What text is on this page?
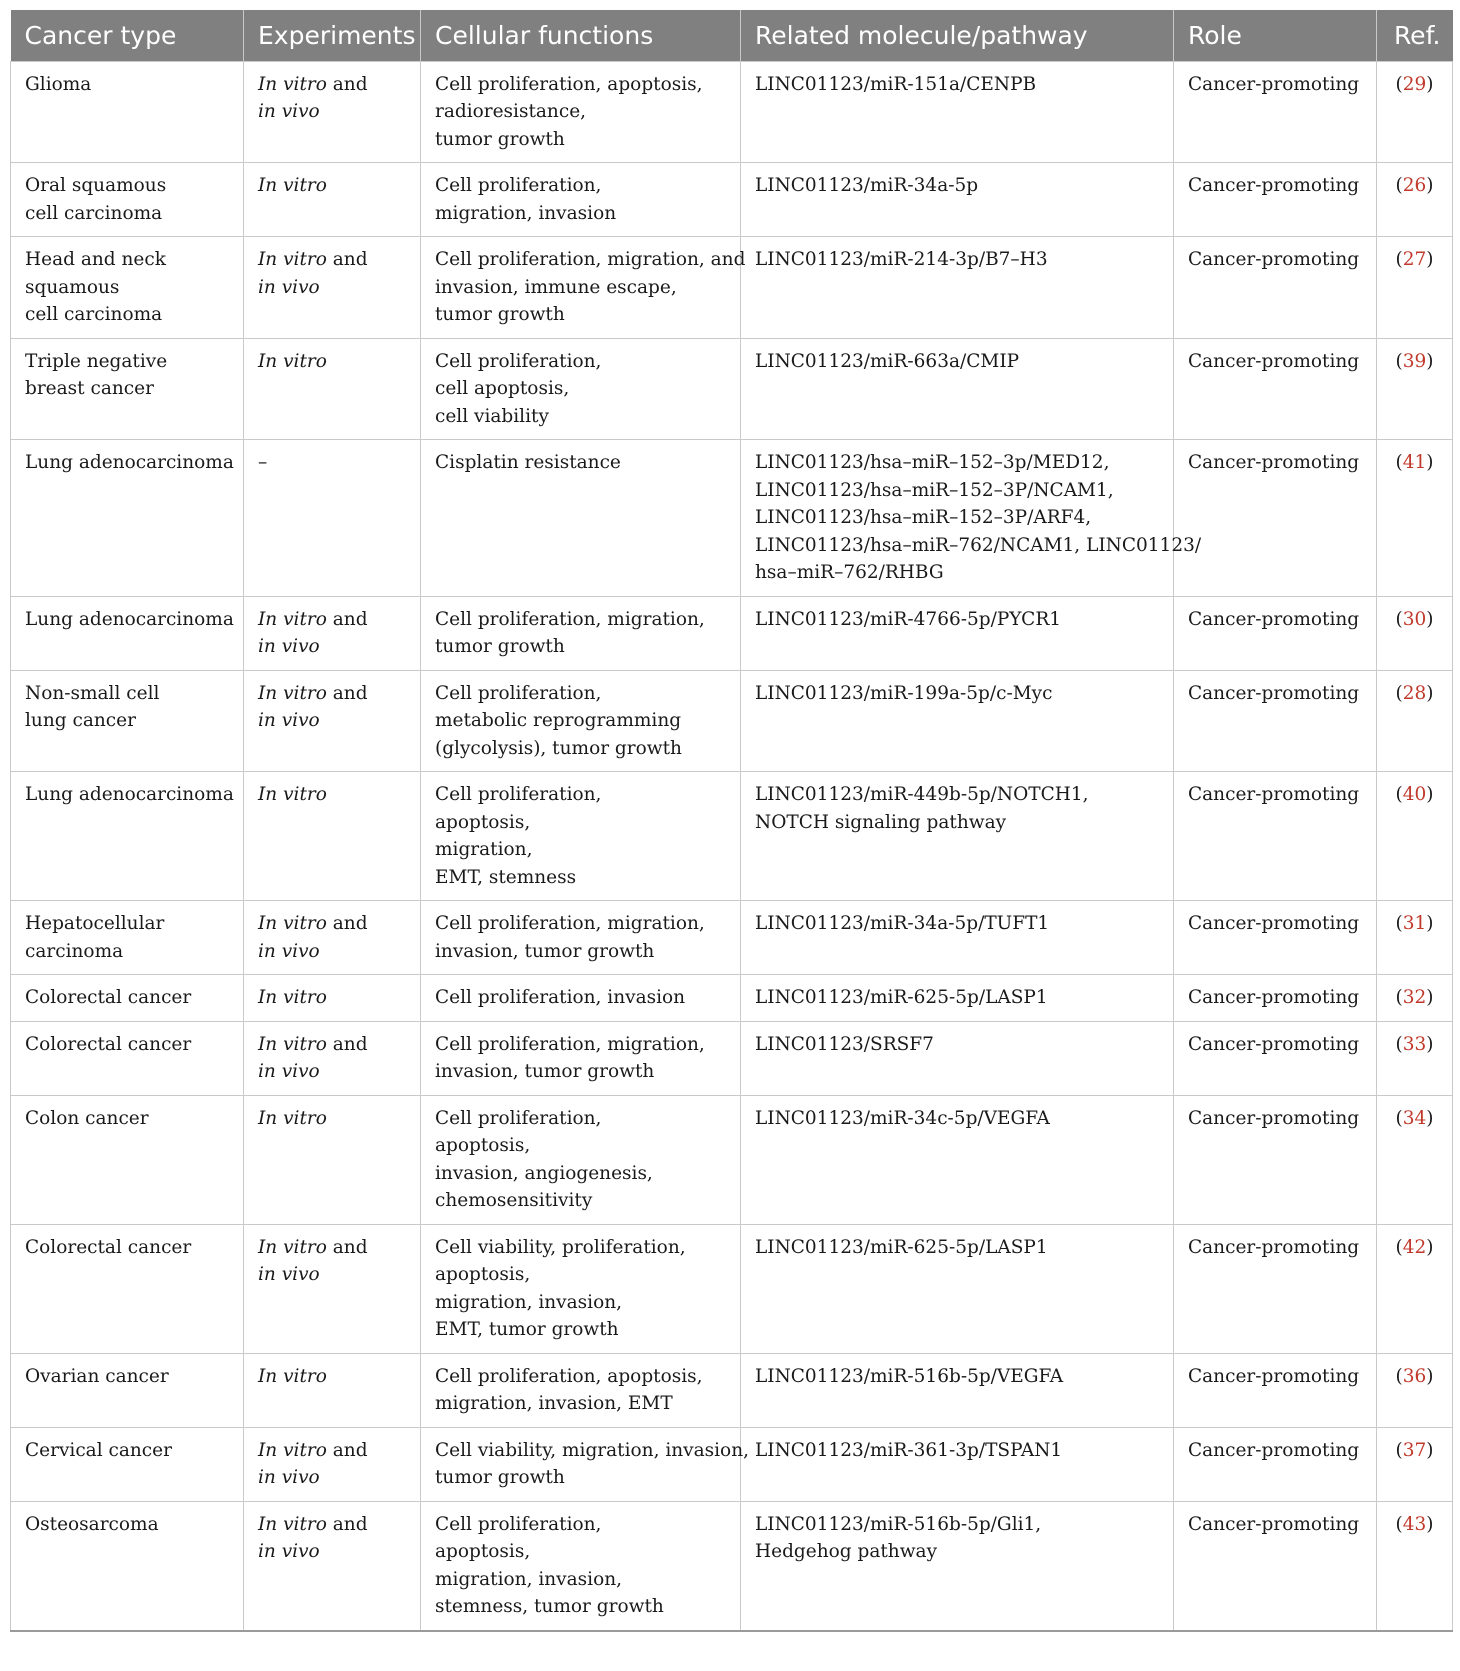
Cancer type	Experiments	Cellular functions	Related molecule/pathway	Role	Ref.

Glioma	In vitro and
in vivo	Cell proliferation, apoptosis,
radioresistance,
tumor growth	LINC01123/miR-151a/CENPB	Cancer-promoting	(29)

Oral squamous
cell carcinoma	In vitro	Cell proliferation,
migration, invasion	LINC01123/miR-34a-5p	Cancer-promoting	(26)

Head and neck
squamous
cell carcinoma	In vitro and
in vivo	Cell proliferation, migration, and
invasion, immune escape,
tumor growth	LINC01123/miR-214-3p/B7–H3	Cancer-promoting	(27)

Triple negative
breast cancer	In vitro	Cell proliferation,
cell apoptosis,
cell viability	LINC01123/miR-663a/CMIP	Cancer-promoting	(39)

Lung adenocarcinoma	–	Cisplatin resistance	LINC01123/hsa–miR–152–3p/MED12,
LINC01123/hsa–miR–152–3P/NCAM1,
LINC01123/hsa–miR–152–3P/ARF4,
LINC01123/hsa–miR–762/NCAM1, LINC01123/
hsa–miR–762/RHBG	Cancer-promoting	(41)

Lung adenocarcinoma	In vitro and
in vivo	Cell proliferation, migration,
tumor growth	LINC01123/miR-4766-5p/PYCR1	Cancer-promoting	(30)

Non-small cell
lung cancer	In vitro and
in vivo	Cell proliferation,
metabolic reprogramming
(glycolysis), tumor growth	LINC01123/miR-199a-5p/c-Myc	Cancer-promoting	(28)

Lung adenocarcinoma	In vitro	Cell proliferation,
apoptosis,
migration,
EMT, stemness	LINC01123/miR-449b-5p/NOTCH1,
NOTCH signaling pathway	Cancer-promoting	(40)

Hepatocellular
carcinoma	In vitro and
in vivo	Cell proliferation, migration,
invasion, tumor growth	LINC01123/miR-34a-5p/TUFT1	Cancer-promoting	(31)

Colorectal cancer	In vitro	Cell proliferation, invasion	LINC01123/miR-625-5p/LASP1	Cancer-promoting	(32)

Colorectal cancer	In vitro and
in vivo	Cell proliferation, migration,
invasion, tumor growth	LINC01123/SRSF7	Cancer-promoting	(33)

Colon cancer	In vitro	Cell proliferation,
apoptosis,
invasion, angiogenesis,
chemosensitivity	LINC01123/miR-34c-5p/VEGFA	Cancer-promoting	(34)

Colorectal cancer	In vitro and
in vivo	Cell viability, proliferation,
apoptosis,
migration, invasion,
EMT, tumor growth	LINC01123/miR-625-5p/LASP1	Cancer-promoting	(42)

Ovarian cancer	In vitro	Cell proliferation, apoptosis,
migration, invasion, EMT	LINC01123/miR-516b-5p/VEGFA	Cancer-promoting	(36)

Cervical cancer	In vitro and
in vivo	Cell viability, migration, invasion,
tumor growth	LINC01123/miR-361-3p/TSPAN1	Cancer-promoting	(37)

Osteosarcoma	In vitro and
in vivo	Cell proliferation,
apoptosis,
migration, invasion,
stemness, tumor growth	LINC01123/miR-516b-5p/Gli1,
Hedgehog pathway	Cancer-promoting	(43)
